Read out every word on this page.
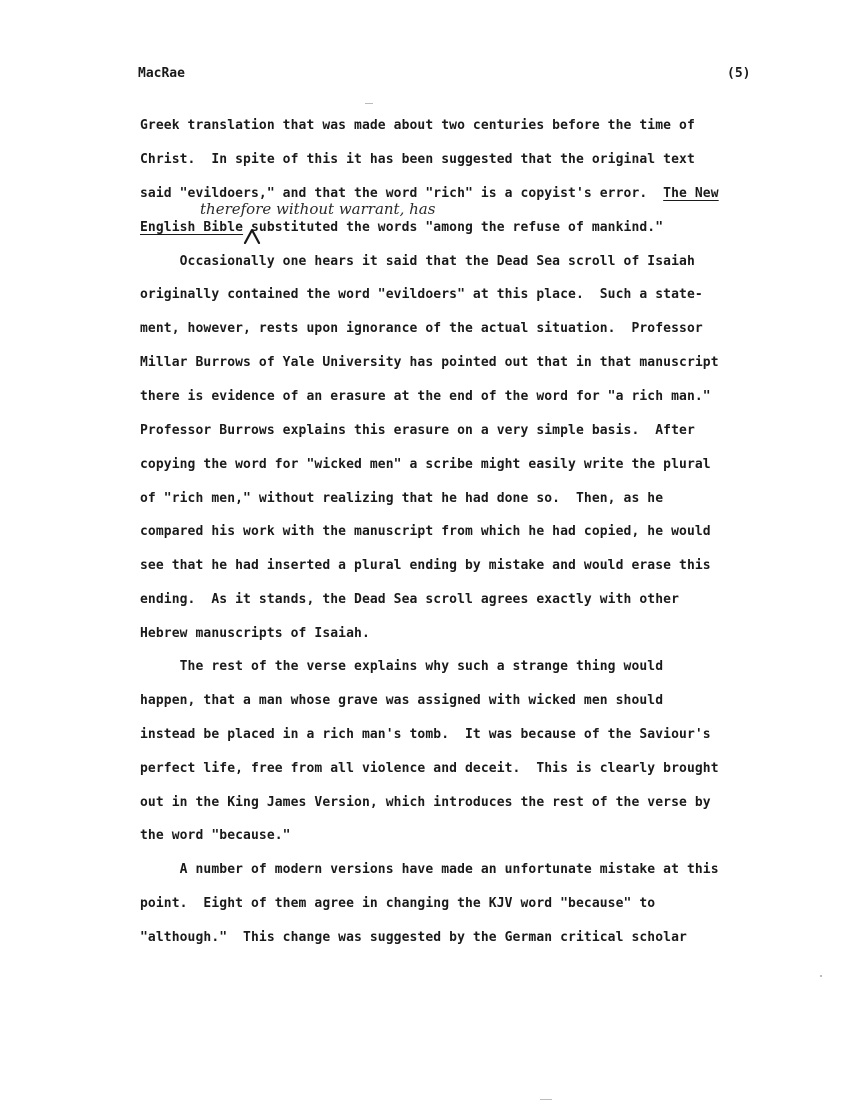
MacRae	(5)
Greek translation that was made about two centuries before the time of
Christ.  In spite of this it has been suggested that the original text
said "evildoers," and that the word "rich" is a copyist's error.  The New
therefore without warrant, has
English Bible substituted the words "among the refuse of mankind."
Occasionally one hears it said that the Dead Sea scroll of Isaiah
originally contained the word "evildoers" at this place.  Such a state-
ment, however, rests upon ignorance of the actual situation.  Professor
Millar Burrows of Yale University has pointed out that in that manuscript
there is evidence of an erasure at the end of the word for "a rich man."
Professor Burrows explains this erasure on a very simple basis.  After
copying the word for "wicked men" a scribe might easily write the plural
of "rich men," without realizing that he had done so.  Then, as he
compared his work with the manuscript from which he had copied, he would
see that he had inserted a plural ending by mistake and would erase this
ending.  As it stands, the Dead Sea scroll agrees exactly with other
Hebrew manuscripts of Isaiah.
The rest of the verse explains why such a strange thing would
happen, that a man whose grave was assigned with wicked men should
instead be placed in a rich man's tomb.  It was because of the Saviour's
perfect life, free from all violence and deceit.  This is clearly brought
out in the King James Version, which introduces the rest of the verse by
the word "because."
A number of modern versions have made an unfortunate mistake at this
point.  Eight of them agree in changing the KJV word "because" to
"although."  This change was suggested by the German critical scholar
